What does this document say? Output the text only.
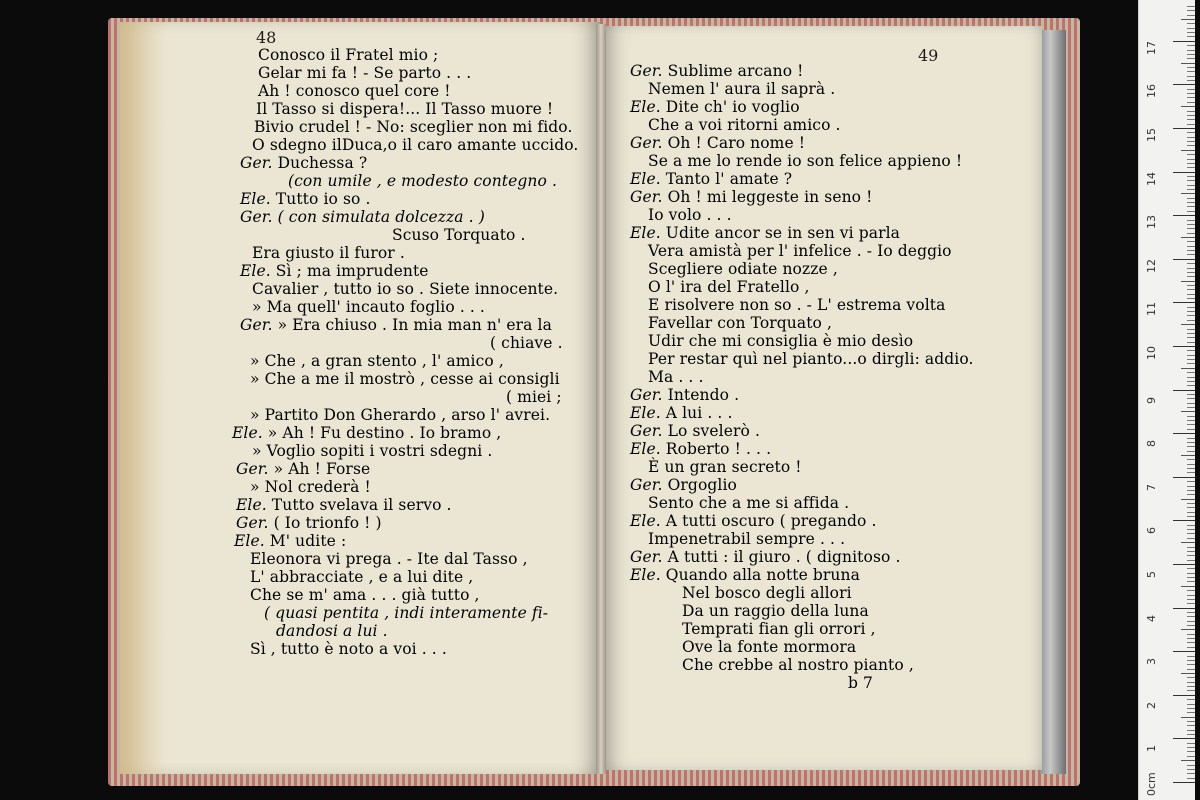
48
49
Conosco il Fratel mio ;
Gelar mi fa ! - Se parto . . .
Ah ! conosco quel core !
Il Tasso si dispera!... Il Tasso muore !
Bivio crudel ! - No: sceglier non mi fido.
O sdegno ilDuca,o il caro amante uccido.
Ger. Duchessa ?
(con umile , e modesto contegno .
Ele. Tutto io so .
Ger. ( con simulata dolcezza . )
Scuso Torquato .
Era giusto il furor .
Ele. Sì ; ma imprudente
Cavalier , tutto io so . Siete innocente.
» Ma quell' incauto foglio . . .
Ger. » Era chiuso . In mia man n' era la
( chiave .
» Che , a gran stento , l' amico ,
» Che a me il mostrò , cesse ai consigli
( miei ;
» Partito Don Gherardo , arso l' avrei.
Ele. » Ah ! Fu destino . Io bramo ,
» Voglio sopiti i vostri sdegni .
Ger. » Ah ! Forse
» Nol crederà !
Ele. Tutto svelava il servo .
Ger. ( Io trionfo ! )
Ele. M' udite :
Eleonora vi prega . - Ite dal Tasso ,
L' abbracciate , e a lui dite ,
Che se m' ama . . . già tutto ,
( quasi pentita , indi interamente fi-
dandosi a lui .
Sì , tutto è noto a voi . . .
Ger. Sublime arcano !
Nemen l' aura il saprà .
Ele. Dite ch' io voglio
Che a voi ritorni amico .
Ger. Oh ! Caro nome !
Se a me lo rende io son felice appieno !
Ele. Tanto l' amate ?
Ger. Oh ! mi leggeste in seno !
Io volo . . .
Ele. Udite ancor se in sen vi parla
Vera amistà per l' infelice . - Io deggio
Scegliere odiate nozze ,
O l' ira del Fratello ,
E risolvere non so . - L' estrema volta
Favellar con Torquato ,
Udir che mi consiglia è mio desìo
Per restar quì nel pianto...o dirgli: addio.
Ma . . .
Ger. Intendo .
Ele. A lui . . .
Ger. Lo svelerò .
Ele. Roberto ! . . .
È un gran secreto !
Ger. Orgoglio
Sento che a me si affida .
Ele. A tutti oscuro ( pregando .
Impenetrabil sempre . . .
Ger. A tutti : il giuro . ( dignitoso .
Ele. Quando alla notte bruna
Nel bosco degli allori
Da un raggio della luna
Temprati fian gli orrori ,
Ove la fonte mormora
Che crebbe al nostro pianto ,
b 7
17
16
15
14
13
12
11
10
9
8
7
6
5
4
3
2
1
0cm
